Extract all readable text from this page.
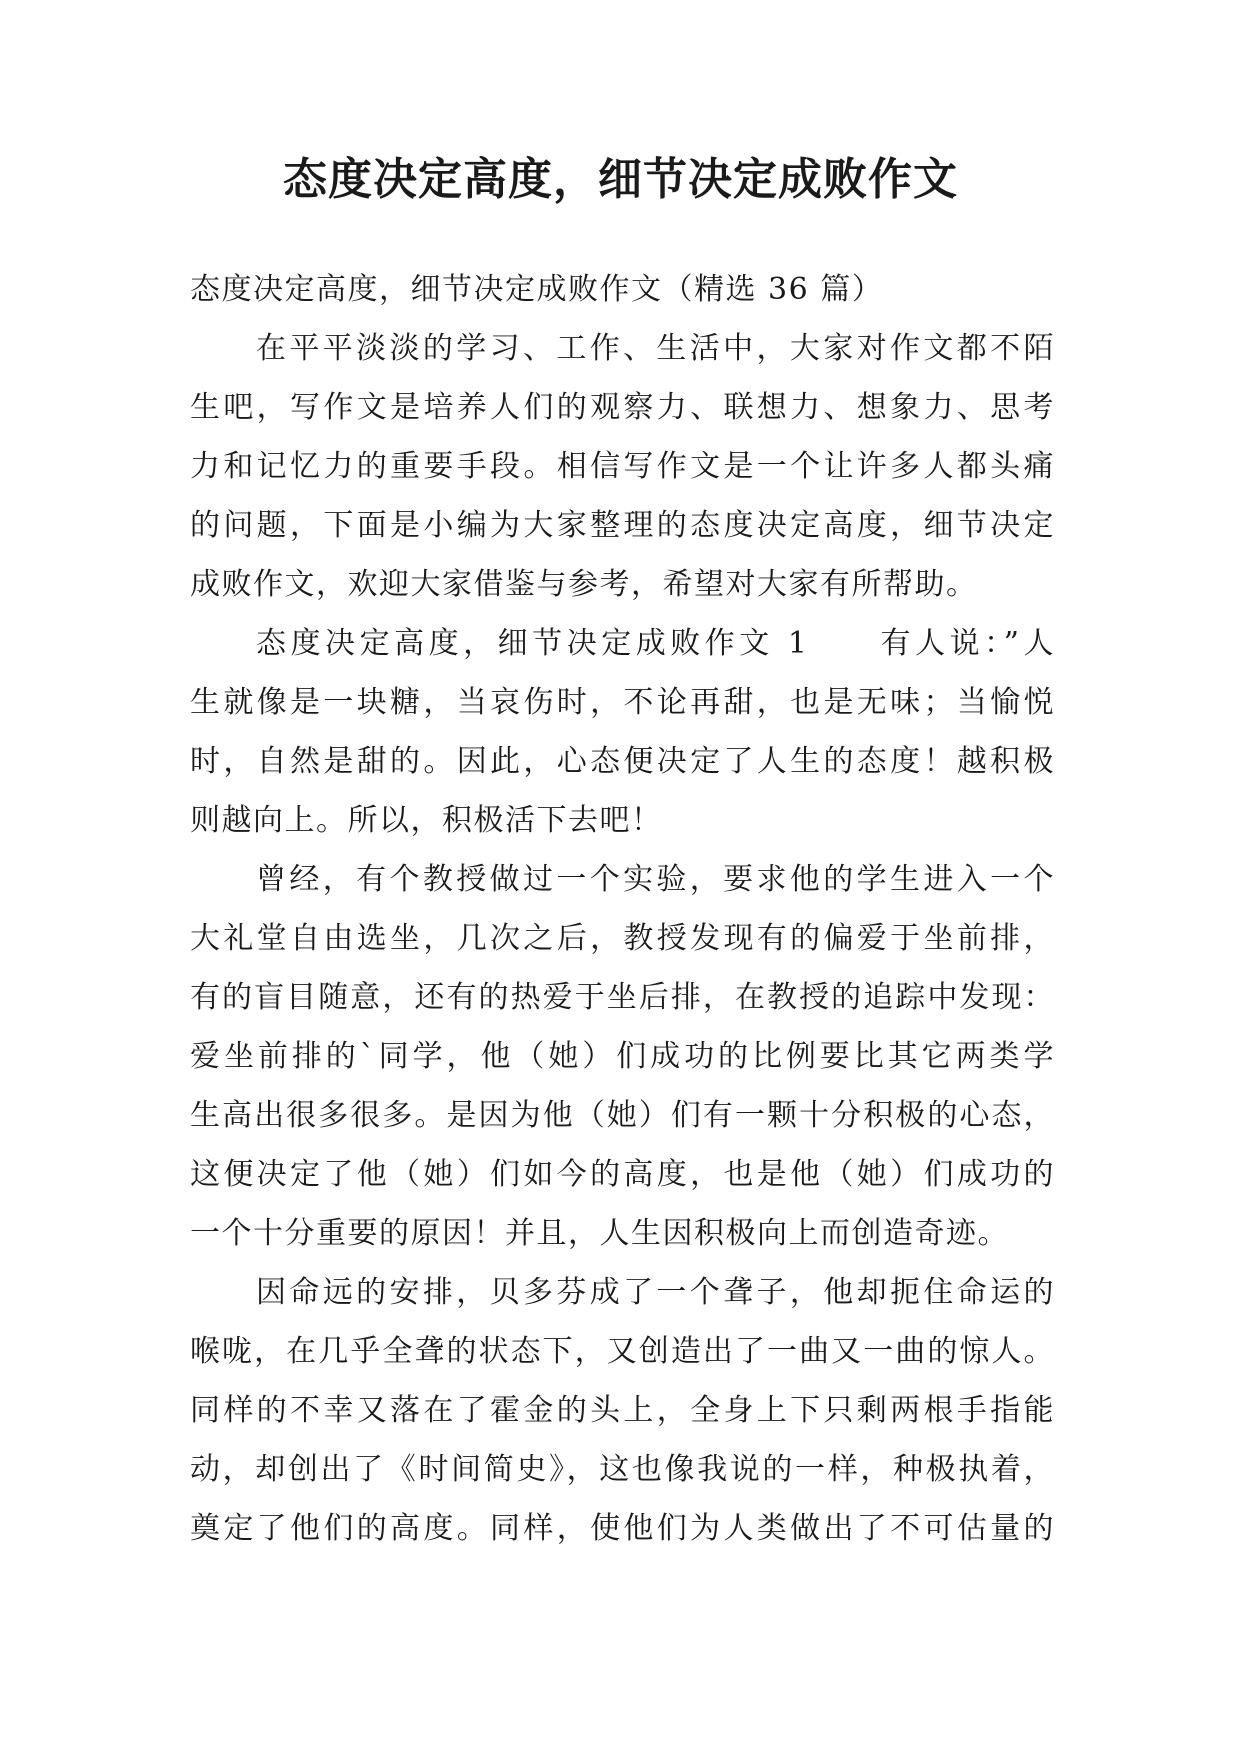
态度决定高度，细节决定成败作文
态度决定高度，细节决定成败作文（精选 36 篇）
在平平淡淡的学习、工作、生活中，大家对作文都不陌
生吧，写作文是培养人们的观察力、联想力、想象力、思考
力和记忆力的重要手段。相信写作文是一个让许多人都头痛
的问题，下面是小编为大家整理的态度决定高度，细节决定
成败作文，欢迎大家借鉴与参考，希望对大家有所帮助。
态度决定高度，细节决定成败作文 1　　有人说：”人
生就像是一块糖，当哀伤时，不论再甜，也是无味；当愉悦
时，自然是甜的。因此，心态便决定了人生的态度！越积极
则越向上。所以，积极活下去吧！
曾经，有个教授做过一个实验，要求他的学生进入一个
大礼堂自由选坐，几次之后，教授发现有的偏爱于坐前排，
有的盲目随意，还有的热爱于坐后排，在教授的追踪中发现：
爱坐前排的`同学，他（她）们成功的比例要比其它两类学
生高出很多很多。是因为他（她）们有一颗十分积极的心态，
这便决定了他（她）们如今的高度，也是他（她）们成功的
一个十分重要的原因！并且，人生因积极向上而创造奇迹。
因命远的安排，贝多芬成了一个聋子，他却扼住命运的
喉咙，在几乎全聋的状态下，又创造出了一曲又一曲的惊人。
同样的不幸又落在了霍金的头上，全身上下只剩两根手指能
动，却创出了《时间简史》，这也像我说的一样，种极执着，
奠定了他们的高度。同样，使他们为人类做出了不可估量的
